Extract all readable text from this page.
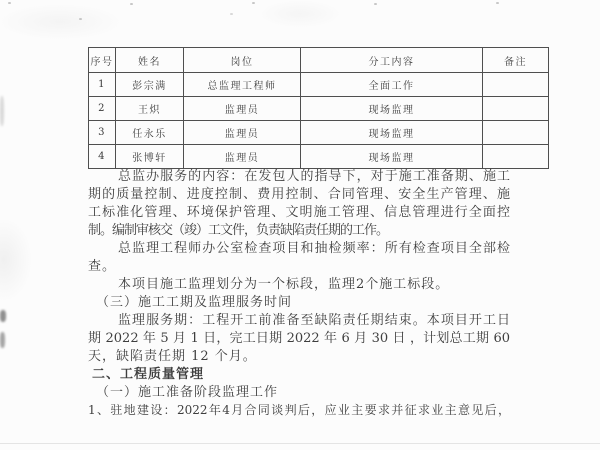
序号	姓名	岗位	分工内容	备注
1	彭宗满	总监理工程师	全面工作	
2	王炽	监理员	现场监理	
3	任永乐	监理员	现场监理	
4	张博轩	监理员	现场监理	
总监办服务的内容：在发包人的指导下，对于施工准备期、施工
期的质量控制、进度控制、费用控制、合同管理、安全生产管理、施
工标准化管理、环境保护管理、文明施工管理、信息管理进行全面控
制。编制审核交（竣）工文件，负责缺陷责任期的工作。
总监理工程师办公室检查项目和抽检频率：所有检查项目全部检
查。
本项目施工监理划分为一个标段，监理2个施工标段。
（三）施工工期及监理服务时间
监理服务期：工程开工前准备至缺陷责任期结束。本项目开工日
期 2022 年 5 月 1 日，完工日期 2022 年 6 月 30 日 ，计划总工期 60
天，缺陷责任期 12 个月。
二、工程质量管理
（一）施工准备阶段监理工作
1、驻地建设：2022年4月合同谈判后，应业主要求并征求业主意见后，
